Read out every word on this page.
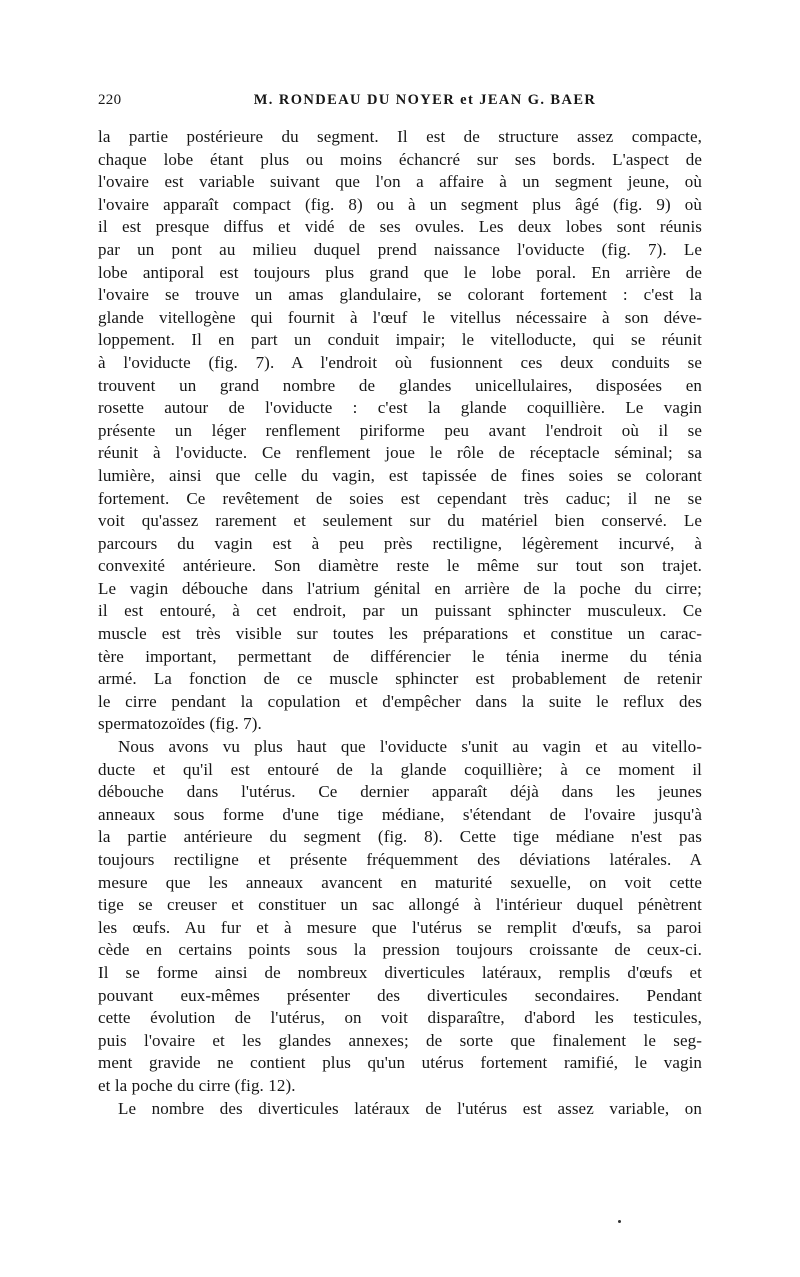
220	M. RONDEAU DU NOYER et JEAN G. BAER
la partie postérieure du segment. Il est de structure assez compacte,
chaque lobe étant plus ou moins échancré sur ses bords. L'aspect de
l'ovaire est variable suivant que l'on a affaire à un segment jeune, où
l'ovaire apparaît compact (fig. 8) ou à un segment plus âgé (fig. 9) où
il est presque diffus et vidé de ses ovules. Les deux lobes sont réunis
par un pont au milieu duquel prend naissance l'oviducte (fig. 7). Le
lobe antiporal est toujours plus grand que le lobe poral. En arrière de
l'ovaire se trouve un amas glandulaire, se colorant fortement : c'est la
glande vitellogène qui fournit à l'œuf le vitellus nécessaire à son déve-
loppement. Il en part un conduit impair; le vitelloducte, qui se réunit
à l'oviducte (fig. 7). A l'endroit où fusionnent ces deux conduits se
trouvent un grand nombre de glandes unicellulaires, disposées en
rosette autour de l'oviducte : c'est la glande coquillière. Le vagin
présente un léger renflement piriforme peu avant l'endroit où il se
réunit à l'oviducte. Ce renflement joue le rôle de réceptacle séminal; sa
lumière, ainsi que celle du vagin, est tapissée de fines soies se colorant
fortement. Ce revêtement de soies est cependant très caduc; il ne se
voit qu'assez rarement et seulement sur du matériel bien conservé. Le
parcours du vagin est à peu près rectiligne, légèrement incurvé, à
convexité antérieure. Son diamètre reste le même sur tout son trajet.
Le vagin débouche dans l'atrium génital en arrière de la poche du cirre;
il est entouré, à cet endroit, par un puissant sphincter musculeux. Ce
muscle est très visible sur toutes les préparations et constitue un carac-
tère important, permettant de différencier le ténia inerme du ténia
armé. La fonction de ce muscle sphincter est probablement de retenir
le cirre pendant la copulation et d'empêcher dans la suite le reflux des
spermatozoïdes (fig. 7).
Nous avons vu plus haut que l'oviducte s'unit au vagin et au vitello-
ducte et qu'il est entouré de la glande coquillière; à ce moment il
débouche dans l'utérus. Ce dernier apparaît déjà dans les jeunes
anneaux sous forme d'une tige médiane, s'étendant de l'ovaire jusqu'à
la partie antérieure du segment (fig. 8). Cette tige médiane n'est pas
toujours rectiligne et présente fréquemment des déviations latérales. A
mesure que les anneaux avancent en maturité sexuelle, on voit cette
tige se creuser et constituer un sac allongé à l'intérieur duquel pénètrent
les œufs. Au fur et à mesure que l'utérus se remplit d'œufs, sa paroi
cède en certains points sous la pression toujours croissante de ceux-ci.
Il se forme ainsi de nombreux diverticules latéraux, remplis d'œufs et
pouvant eux-mêmes présenter des diverticules secondaires. Pendant
cette évolution de l'utérus, on voit disparaître, d'abord les testicules,
puis l'ovaire et les glandes annexes; de sorte que finalement le seg-
ment gravide ne contient plus qu'un utérus fortement ramifié, le vagin
et la poche du cirre (fig. 12).
Le nombre des diverticules latéraux de l'utérus est assez variable, on
